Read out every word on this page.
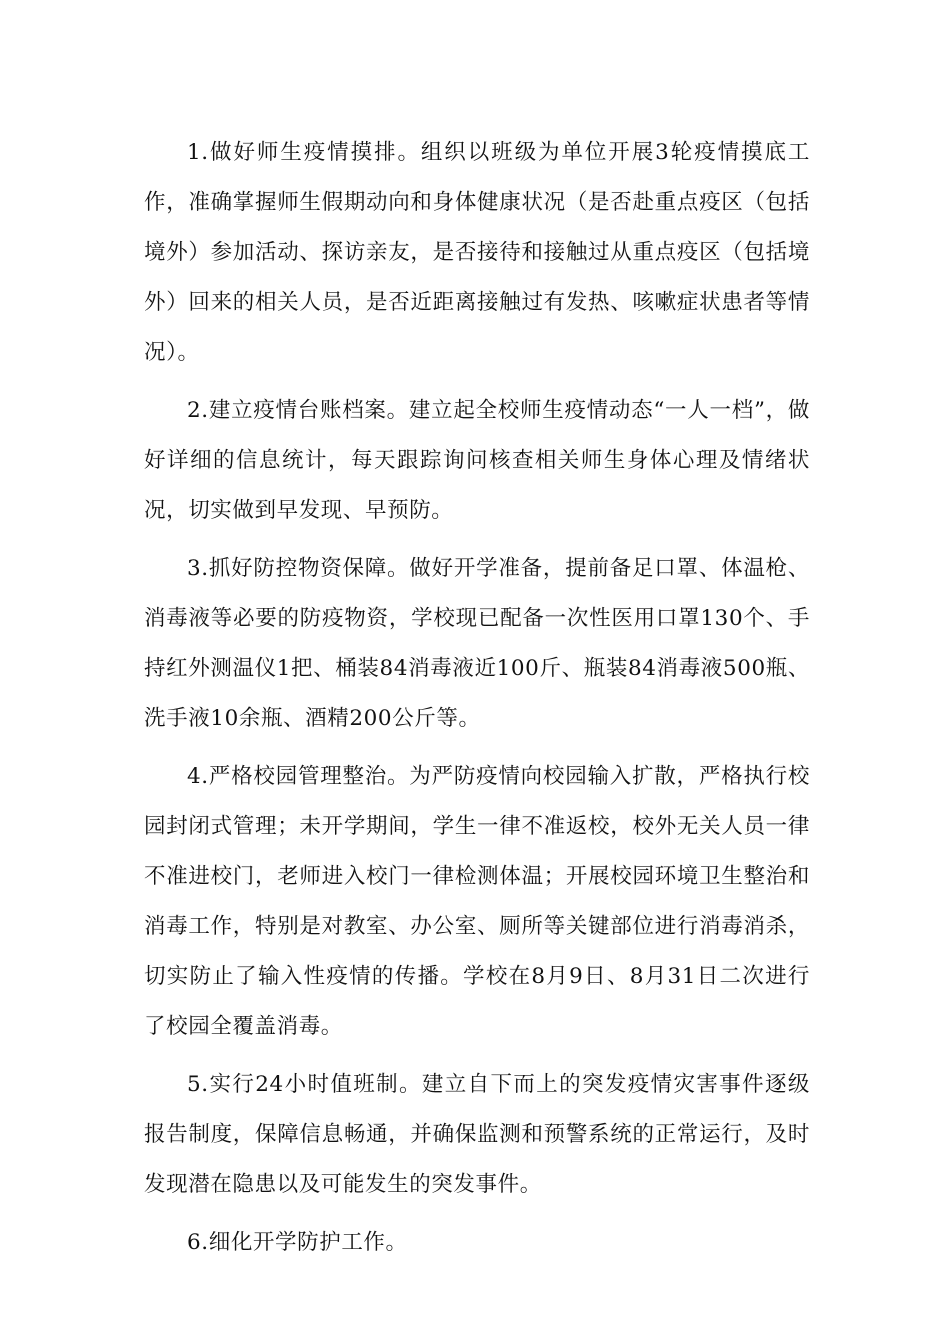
1.做好师生疫情摸排。组织以班级为单位开展3轮疫情摸底工作，准确掌握师生假期动向和身体健康状况（是否赴重点疫区（包括境外）参加活动、探访亲友，是否接待和接触过从重点疫区（包括境外）回来的相关人员，是否近距离接触过有发热、咳嗽症状患者等情况）。

2.建立疫情台账档案。建立起全校师生疫情动态“一人一档”，做好详细的信息统计，每天跟踪询问核查相关师生身体心理及情绪状况，切实做到早发现、早预防。

3.抓好防控物资保障。做好开学准备，提前备足口罩、体温枪、消毒液等必要的防疫物资，学校现已配备一次性医用口罩130个、手持红外测温仪1把、桶装84消毒液近100斤、瓶装84消毒液500瓶、洗手液10余瓶、酒精200公斤等。

4.严格校园管理整治。为严防疫情向校园输入扩散，严格执行校园封闭式管理；未开学期间，学生一律不准返校，校外无关人员一律不准进校门，老师进入校门一律检测体温；开展校园环境卫生整治和消毒工作，特别是对教室、办公室、厕所等关键部位进行消毒消杀，切实防止了输入性疫情的传播。学校在8月9日、8月31日二次进行了校园全覆盖消毒。

5.实行24小时值班制。建立自下而上的突发疫情灾害事件逐级报告制度，保障信息畅通，并确保监测和预警系统的正常运行，及时发现潜在隐患以及可能发生的突发事件。

6.细化开学防护工作。
